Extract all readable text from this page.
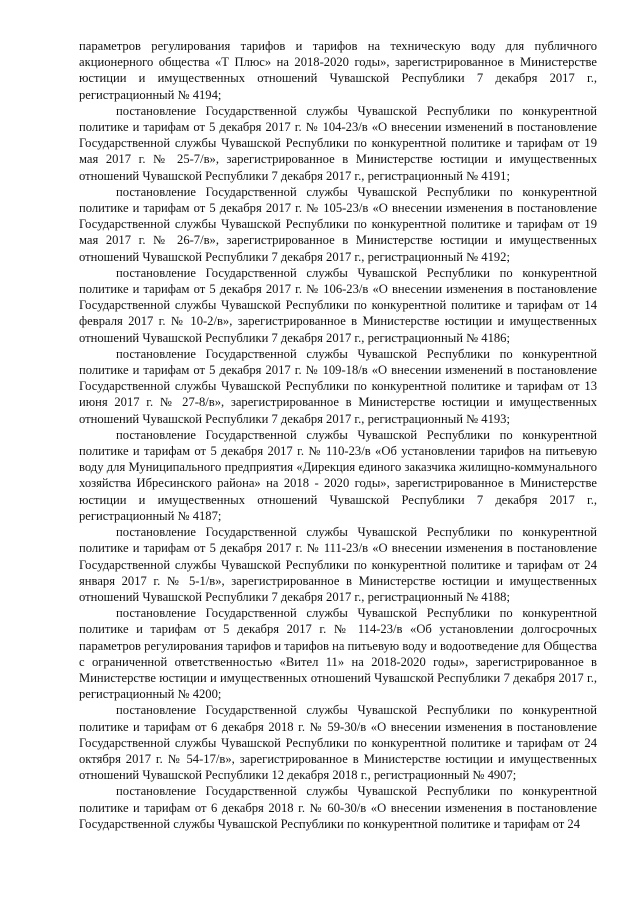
параметров регулирования тарифов и тарифов на техническую воду для публичного акционерного общества «Т Плюс» на 2018-2020 годы», зарегистрированное в Министерстве юстиции и имущественных отношений Чувашской Республики 7 декабря 2017 г., регистрационный № 4194;

постановление Государственной службы Чувашской Республики по конкурентной политике и тарифам от 5 декабря 2017 г. № 104-23/в «О внесении изменений в постановление Государственной службы Чувашской Республики по конкурентной политике и тарифам от 19 мая 2017 г. № 25-7/в», зарегистрированное в Министерстве юстиции и имущественных отношений Чувашской Республики 7 декабря 2017 г., регистрационный № 4191;

постановление Государственной службы Чувашской Республики по конкурентной политике и тарифам от 5 декабря 2017 г. № 105-23/в «О внесении изменения в постановление Государственной службы Чувашской Республики по конкурентной политике и тарифам от 19 мая 2017 г. № 26-7/в», зарегистрированное в Министерстве юстиции и имущественных отношений Чувашской Республики 7 декабря 2017 г., регистрационный № 4192;

постановление Государственной службы Чувашской Республики по конкурентной политике и тарифам от 5 декабря 2017 г. № 106-23/в «О внесении изменения в постановление Государственной службы Чувашской Республики по конкурентной политике и тарифам от 14 февраля 2017 г. № 10-2/в», зарегистрированное в Министерстве юстиции и имущественных отношений Чувашской Республики 7 декабря 2017 г., регистрационный № 4186;

постановление Государственной службы Чувашской Республики по конкурентной политике и тарифам от 5 декабря 2017 г. № 109-18/в «О внесении изменений в постановление Государственной службы Чувашской Республики по конкурентной политике и тарифам от 13 июня 2017 г. № 27-8/в», зарегистрированное в Министерстве юстиции и имущественных отношений Чувашской Республики 7 декабря 2017 г., регистрационный № 4193;

постановление Государственной службы Чувашской Республики по конкурентной политике и тарифам от 5 декабря 2017 г. № 110-23/в «Об установлении тарифов на питьевую воду для Муниципального предприятия «Дирекция единого заказчика жилищно-коммунального хозяйства Ибресинского района» на 2018 - 2020 годы», зарегистрированное в Министерстве юстиции и имущественных отношений Чувашской Республики 7 декабря 2017 г., регистрационный № 4187;

постановление Государственной службы Чувашской Республики по конкурентной политике и тарифам от 5 декабря 2017 г. № 111-23/в «О внесении изменения в постановление Государственной службы Чувашской Республики по конкурентной политике и тарифам от 24 января 2017 г. № 5-1/в», зарегистрированное в Министерстве юстиции и имущественных отношений Чувашской Республики 7 декабря 2017 г., регистрационный № 4188;

постановление Государственной службы Чувашской Республики по конкурентной политике и тарифам от 5 декабря 2017 г. № 114-23/в «Об установлении долгосрочных параметров регулирования тарифов и тарифов на питьевую воду и водоотведение для Общества с ограниченной ответственностью «Вител 11» на 2018-2020 годы», зарегистрированное в Министерстве юстиции и имущественных отношений Чувашской Республики 7 декабря 2017 г., регистрационный № 4200;

постановление Государственной службы Чувашской Республики по конкурентной политике и тарифам от 6 декабря 2018 г. № 59-30/в «О внесении изменения в постановление Государственной службы Чувашской Республики по конкурентной политике и тарифам от 24 октября 2017 г. № 54-17/в», зарегистрированное в Министерстве юстиции и имущественных отношений Чувашской Республики 12 декабря 2018 г., регистрационный № 4907;

постановление Государственной службы Чувашской Республики по конкурентной политике и тарифам от 6 декабря 2018 г. № 60-30/в «О внесении изменения в постановление Государственной службы Чувашской Республики по конкурентной политике и тарифам от 24
